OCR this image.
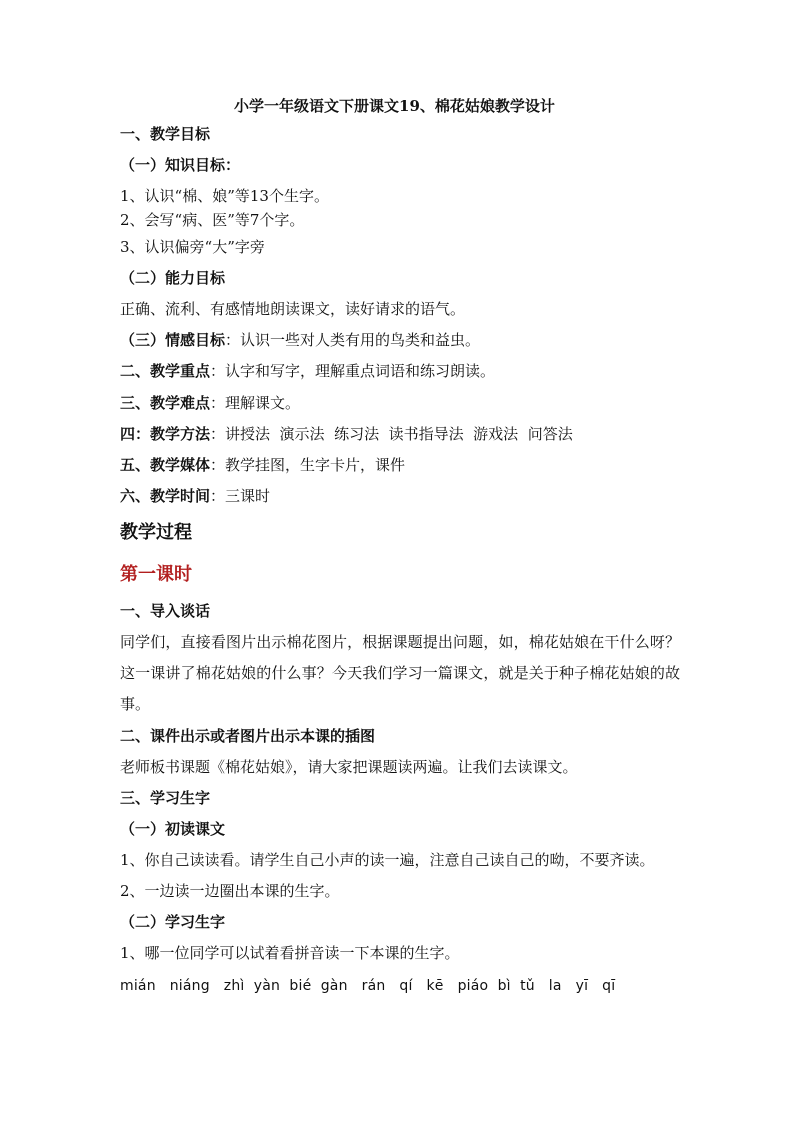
小学一年级语文下册课文19、棉花姑娘教学设计
一、教学目标
（一）知识目标：
1、认识“棉、娘”等13个生字。
2、会写“病、医”等7个字。
3、认识偏旁“大”字旁
（二）能力目标
正确、流利、有感情地朗读课文，读好请求的语气。
（三）情感目标：认识一些对人类有用的鸟类和益虫。
二、教学重点：认字和写字，理解重点词语和练习朗读。
三、教学难点：理解课文。
四：教学方法：讲授法  演示法  练习法  读书指导法  游戏法  问答法
五、教学媒体：教学挂图，生字卡片，课件
六、教学时间：三课时
教学过程
第一课时
一、导入谈话
同学们，直接看图片出示棉花图片，根据课题提出问题，如，棉花姑娘在干什么呀？这一课讲了棉花姑娘的什么事？今天我们学习一篇课文，就是关于种子棉花姑娘的故事。
二、课件出示或者图片出示本课的插图
老师板书课题《棉花姑娘》，请大家把课题读两遍。让我们去读课文。
三、学习生字
（一）初读课文
1、你自己读读看。请学生自己小声的读一遍，注意自己读自己的呦，不要齐读。
2、一边读一边圈出本课的生字。
（二）学习生字
1、哪一位同学可以试着看拼音读一下本课的生字。
mián   niáng   zhì  yàn  bié  gàn   rán   qí   kē   piáo  bì  tǔ   la   yī   qī
